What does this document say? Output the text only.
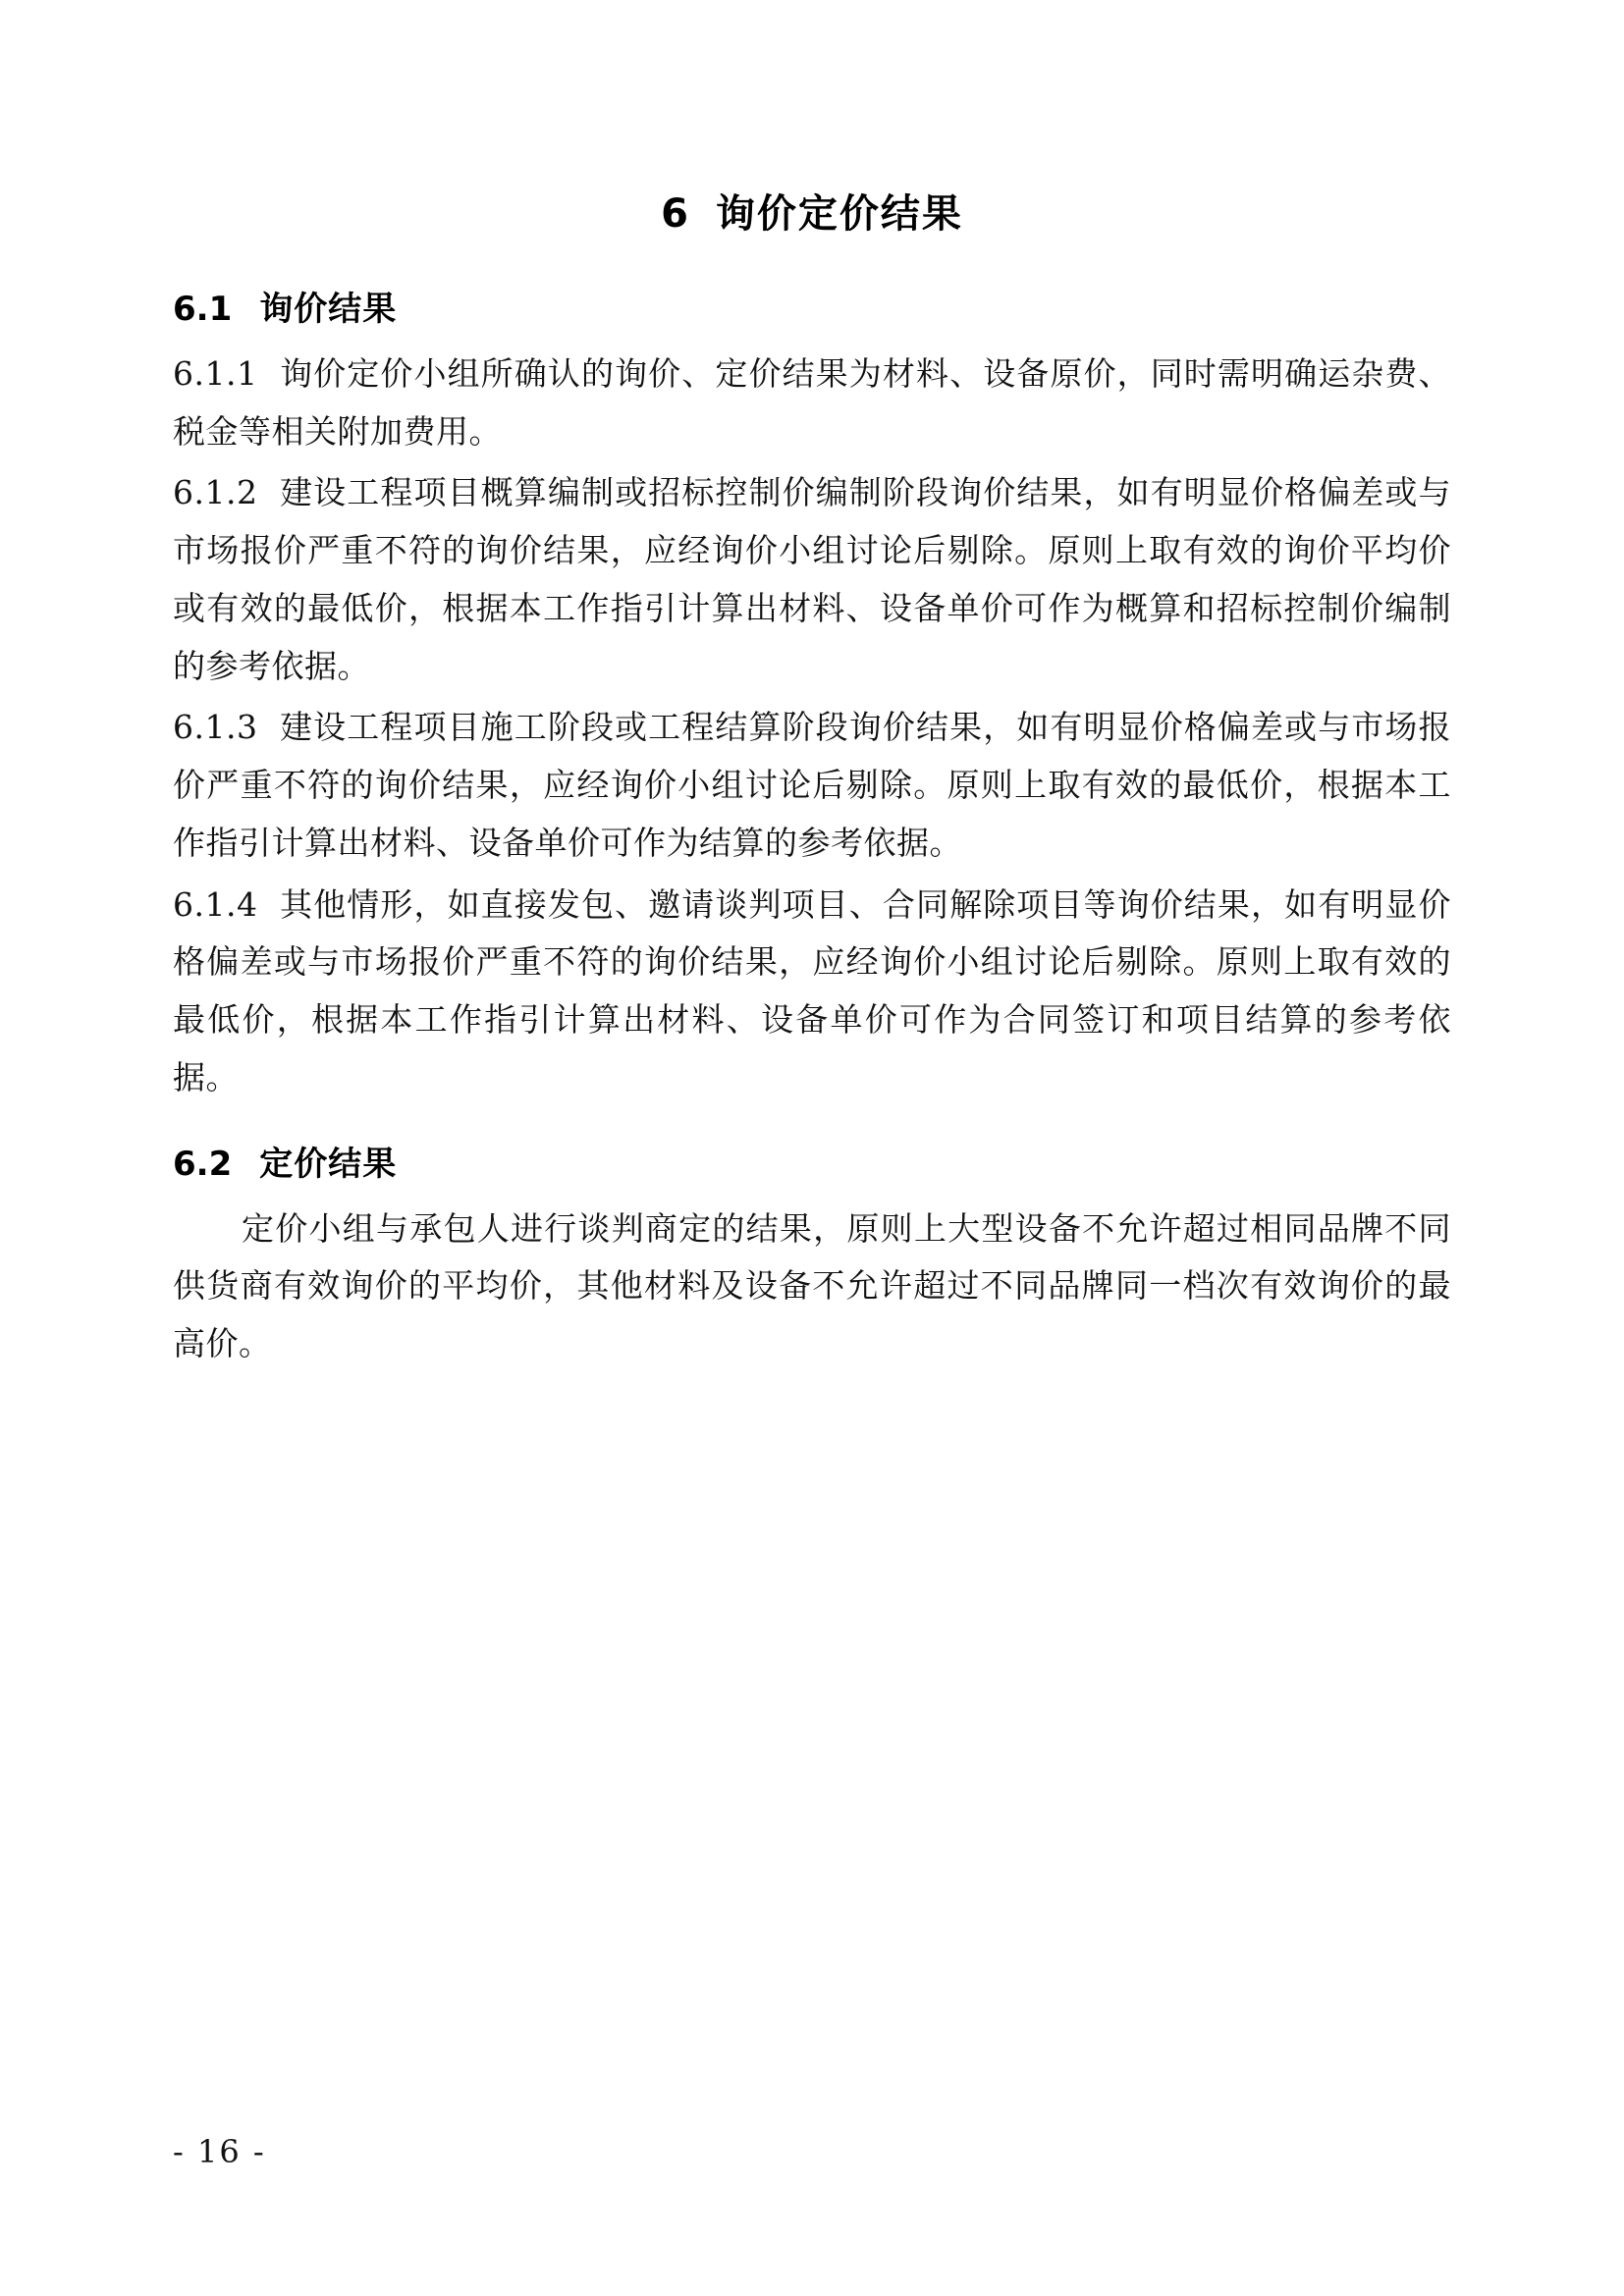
6 询价定价结果
6.1 询价结果

6.1.1 询价定价小组所确认的询价、定价结果为材料、设备原价，同时需明确运杂费、税金等相关附加费用。

6.1.2 建设工程项目概算编制或招标控制价编制阶段询价结果，如有明显价格偏差或与市场报价严重不符的询价结果，应经询价小组讨论后剔除。原则上取有效的询价平均价或有效的最低价，根据本工作指引计算出材料、设备单价可作为概算和招标控制价编制的参考依据。

6.1.3 建设工程项目施工阶段或工程结算阶段询价结果，如有明显价格偏差或与市场报价严重不符的询价结果，应经询价小组讨论后剔除。原则上取有效的最低价，根据本工作指引计算出材料、设备单价可作为结算的参考依据。

6.1.4 其他情形，如直接发包、邀请谈判项目、合同解除项目等询价结果，如有明显价格偏差或与市场报价严重不符的询价结果，应经询价小组讨论后剔除。原则上取有效的最低价，根据本工作指引计算出材料、设备单价可作为合同签订和项目结算的参考依据。

6.2 定价结果

定价小组与承包人进行谈判商定的结果，原则上大型设备不允许超过相同品牌不同供货商有效询价的平均价，其他材料及设备不允许超过不同品牌同一档次有效询价的最高价。

- 16 -
